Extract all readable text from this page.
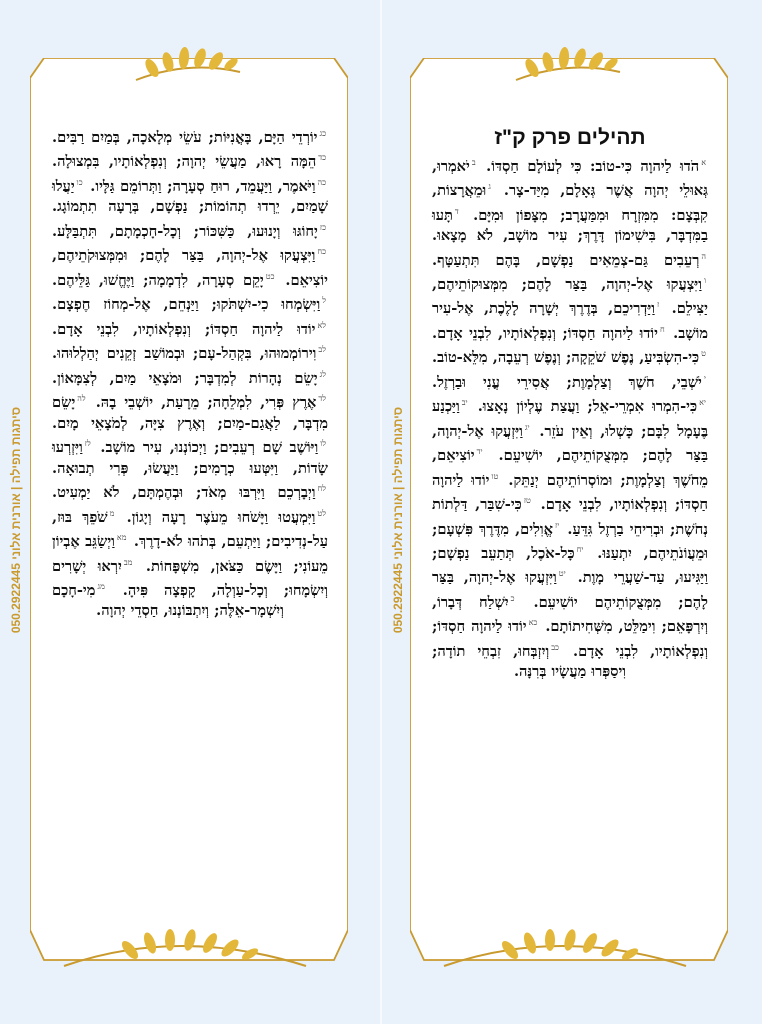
$^{כג}$יוֹרְדֵי הַיָּם, בָּאֳנִיּוֹת; עֹשֵׂי מְלָאכָה, בְּמַיִם רַבִּים. $^{כד}$הֵמָּה רָאוּ, מַעֲשֵׂי יְהוָה; וְנִפְלְאוֹתָיו, בִּמְצוּלָה. $^{כה}$וַיֹּאמֶר, וַיַּעֲמֵד, רוּחַ סְעָרָה; וַתְּרוֹמֵם גַּלָּיו. $^{כו}$יַעֲלוּ שָׁמַיִם, יֵרְדוּ תְהוֹמוֹת; נַפְשָׁם, בְּרָעָה תִתְמוֹגָג. $^{כז}$יָחוֹגּוּ וְיָנוּעוּ, כַּשִּׁכּוֹר; וְכָל-חָכְמָתָם, תִּתְבַּלָּע. $^{כח}$וַיִּצְעֲקוּ אֶל-יְהוָה, בַּצַּר לָהֶם; וּמִמְּצוּקֹתֵיהֶם, יוֹצִיאֵם. $^{כט}$יָקֵם סְעָרָה, לִדְמָמָה; וַיֶּחֱשׁוּ, גַּלֵּיהֶם. $^ל$וַיִּשְׂמְחוּ כִי-יִשְׁתֹּקוּ; וַיַּנְחֵם, אֶל-מְחוֹז חֶפְצָם. $^{לא}$יוֹדוּ לַיהוָה חַסְדּוֹ; וְנִפְלְאוֹתָיו, לִבְנֵי אָדָם. $^{לב}$וִירוֹמְמוּהוּ, בִּקְהַל-עָם; וּבְמוֹשַׁב זְקֵנִים יְהַלְלוּהוּ. $^{לג}$יָשֵׂם נְהָרוֹת לְמִדְבָּר; וּמֹצָאֵי מַיִם, לְצִמָּאוֹן. $^{לד}$אֶרֶץ פְּרִי, לִמְלֵחָה; מֵרָעַת, יוֹשְׁבֵי בָהּ. $^{לה}$יָשֵׂם מִדְבָּר, לַאֲגַם-מַיִם; וְאֶרֶץ צִיָּה, לְמֹצָאֵי מָיִם. $^{לו}$וַיּוֹשֶׁב שָׁם רְעֵבִים; וַיְכוֹנְנוּ, עִיר מוֹשָׁב. $^{לז}$וַיִּזְרְעוּ שָׂדוֹת, וַיִּטְּעוּ כְרָמִים; וַיַּעֲשׂוּ, פְּרִי תְבוּאָה. $^{לח}$וַיְבָרְכֵם וַיִּרְבּוּ מְאֹד; וּבְהֶמְתָּם, לֹא יַמְעִיט. $^{לט}$וַיִּמְעֲטוּ וַיָּשֹׁחוּ מֵעֹצֶר רָעָה וְיָגוֹן. $^מ$שֹׁפֵךְ בּוּז, עַל-נְדִיבִים; וַיַּתְעֵם, בְּתֹהוּ לֹא-דָרֶךְ. $^{מא}$וַיְשַׂגֵּב אֶבְיוֹן מֵעוֹנִי; וַיָּשֶׂם כַּצֹּאן, מִשְׁפָּחוֹת. $^{מב}$יִרְאוּ יְשָׁרִים וְיִשְׂמָחוּ; וְכָל-עַוְלָה, קָפְצָה פִּיהָ. $^{מג}$מִי-חָכָם וְיִשְׁמָר-אֵלֶּה; וְיִתְבּוֹנְנוּ, חַסְדֵי יְהוָה.
סיתגות תפילה | אורנית אלוני 050.2922445
תהילים פרק ק"ז
$^א$הֹדוּ לַיהוָה כִּי-טוֹב: כִּי לְעוֹלָם חַסְדּוֹ. $^ב$יֹאמְרוּ, גְּאוּלֵי יְהוָה אֲשֶׁר גְּאָלָם, מִיַּד-צָר. $^ג$וּמֵאֲרָצוֹת, קִבְּצָם: מִמִּזְרָח וּמִמַּעֲרָב; מִצָּפוֹן וּמִיָּם. $^ד$תָּעוּ בַמִּדְבָּר, בִּישִׁימוֹן דָּרֶךְ; עִיר מוֹשָׁב, לֹא מָצָאוּ. $^ה$רְעֵבִים גַּם-צְמֵאִים נַפְשָׁם, בָּהֶם תִּתְעַטָּף. $^ו$וַיִּצְעֲקוּ אֶל-יְהוָה, בַּצַּר לָהֶם; מִמְּצוּקוֹתֵיהֶם, יַצִּילֵם. $^ז$וַיַּדְרִיכֵם, בְּדֶרֶךְ יְשָׁרָה לָלֶכֶת, אֶל-עִיר מוֹשָׁב. $^ח$יוֹדוּ לַיהוָה חַסְדּוֹ; וְנִפְלְאוֹתָיו, לִבְנֵי אָדָם. $^ט$כִּי-הִשְׂבִּיעַ, נֶפֶשׁ שֹׁקֵקָה; וְנֶפֶשׁ רְעֵבָה, מִלֵּא-טוֹב. $^י$יֹשְׁבֵי, חֹשֶׁךְ וְצַלְמָוֶת; אֲסִירֵי עֳנִי וּבַרְזֶל. $^{יא}$כִּי-הִמְרוּ אִמְרֵי-אֵל; וַעֲצַת עֶלְיוֹן נָאָצוּ. $^{יב}$וַיַּכְנַע בֶּעָמָל לִבָּם; כָּשְׁלוּ, וְאֵין עֹזֵר. $^{יג}$וַיִּזְעֲקוּ אֶל-יְהוָה, בַּצַּר לָהֶם; מִמְּצֻקוֹתֵיהֶם, יוֹשִׁיעֵם. $^{יד}$יוֹצִיאֵם, מֵחֹשֶׁךְ וְצַלְמָוֶת; וּמוֹסְרוֹתֵיהֶם יְנַתֵּק. $^{טו}$יוֹדוּ לַיהוָה חַסְדּוֹ; וְנִפְלְאוֹתָיו, לִבְנֵי אָדָם. $^{טז}$כִּי-שִׁבַּר, דַּלְתוֹת נְחֹשֶׁת; וּבְרִיחֵי בַרְזֶל גִּדֵּעַ. $^{יז}$אֱוִלִים, מִדֶּרֶךְ פִּשְׁעָם; וּמֵעֲוֹנֹתֵיהֶם, יִתְעַנּוּ. $^{יח}$כָּל-אֹכֶל, תְּתַעֵב נַפְשָׁם; וַיַּגִּיעוּ, עַד-שַׁעֲרֵי מָוֶת. $^{יט}$וַיִּזְעֲקוּ אֶל-יְהוָה, בַּצַּר לָהֶם; מִמְּצֻקוֹתֵיהֶם יוֹשִׁיעֵם. $^כ$יִשְׁלַח דְּבָרוֹ, וְיִרְפָּאֵם; וִימַלֵּט, מִשְּׁחִיתוֹתָם. $^{כא}$יוֹדוּ לַיהוָה חַסְדּוֹ; וְנִפְלְאוֹתָיו, לִבְנֵי אָדָם. $^{כב}$וְיִזְבְּחוּ, זִבְחֵי תוֹדָה; וִיסַפְּרוּ מַעֲשָׂיו בְּרִנָּה.
סיתגות תפילה | אורנית אלוני 050.2922445
